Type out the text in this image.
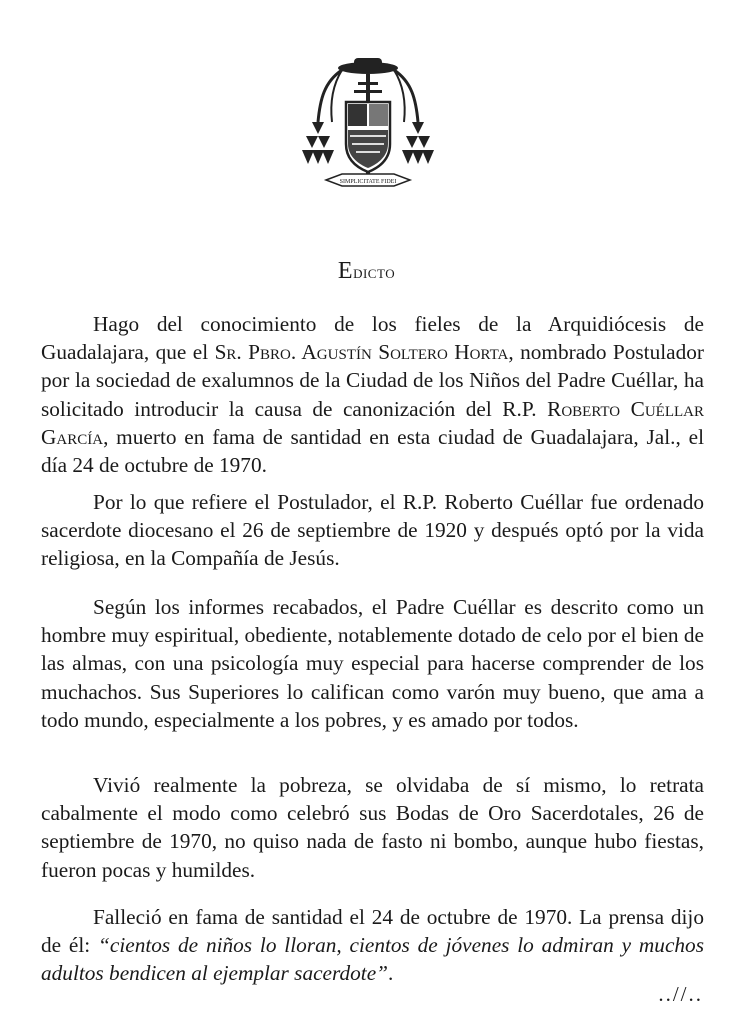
SIMPLICITATE FIDEI
Edicto

Hago del conocimiento de los fieles de la Arquidiócesis de Guadalajara, que el Sr. Pbro. Agustín Soltero Horta, nombrado Postulador por la sociedad de exalumnos de la Ciudad de los Niños del Padre Cuéllar, ha solicitado introducir la causa de canonización del R.P. Roberto Cuéllar García, muerto en fama de santidad en esta ciudad de Guadalajara, Jal., el día 24 de octubre de 1970.

Por lo que refiere el Postulador, el R.P. Roberto Cuéllar fue ordenado sacerdote diocesano el 26 de septiembre de 1920 y después optó por la vida religiosa, en la Compañía de Jesús.

Según los informes recabados, el Padre Cuéllar es descrito como un hombre muy espiritual, obediente, notablemente dotado de celo por el bien de las almas, con una psicología muy especial para hacerse comprender de los muchachos. Sus Superiores lo califican como varón muy bueno, que ama a todo mundo, especialmente a los pobres, y es amado por todos.

Vivió realmente la pobreza, se olvidaba de sí mismo, lo retrata cabalmente el modo como celebró sus Bodas de Oro Sacerdotales, 26 de septiembre de 1970, no quiso nada de fasto ni bombo, aunque hubo fiestas, fueron pocas y humildes.

Falleció en fama de santidad el 24 de octubre de 1970. La prensa dijo de él: “cientos de niños lo lloran, cientos de jóvenes lo admiran y muchos adultos bendicen al ejemplar sacerdote”.

..//..
